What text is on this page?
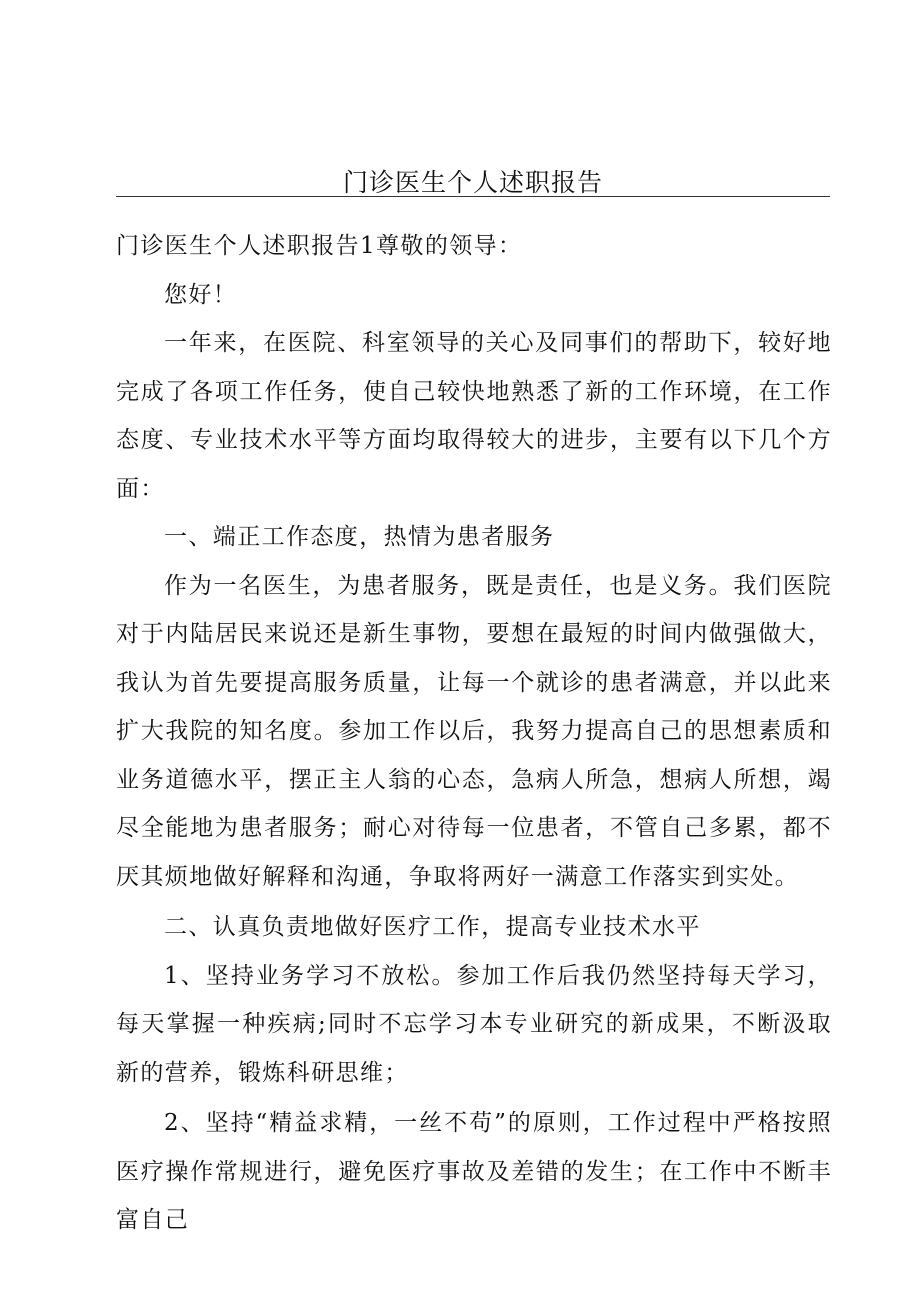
门诊医生个人述职报告

门诊医生个人述职报告1尊敬的领导：

您好！

一年来，在医院、科室领导的关心及同事们的帮助下，较好地完成了各项工作任务，使自己较快地熟悉了新的工作环境，在工作态度、专业技术水平等方面均取得较大的进步，主要有以下几个方面：

一、端正工作态度，热情为患者服务

作为一名医生，为患者服务，既是责任，也是义务。我们医院对于内陆居民来说还是新生事物，要想在最短的时间内做强做大，我认为首先要提高服务质量，让每一个就诊的患者满意，并以此来扩大我院的知名度。参加工作以后，我努力提高自己的思想素质和业务道德水平，摆正主人翁的心态，急病人所急，想病人所想，竭尽全能地为患者服务；耐心对待每一位患者，不管自己多累，都不厌其烦地做好解释和沟通，争取将两好一满意工作落实到实处。

二、认真负责地做好医疗工作，提高专业技术水平

1、坚持业务学习不放松。参加工作后我仍然坚持每天学习，每天掌握一种疾病;同时不忘学习本专业研究的新成果，不断汲取新的营养，锻炼科研思维；

2、坚持“精益求精，一丝不苟”的原则，工作过程中严格按照医疗操作常规进行，避免医疗事故及差错的发生；在工作中不断丰富自己
